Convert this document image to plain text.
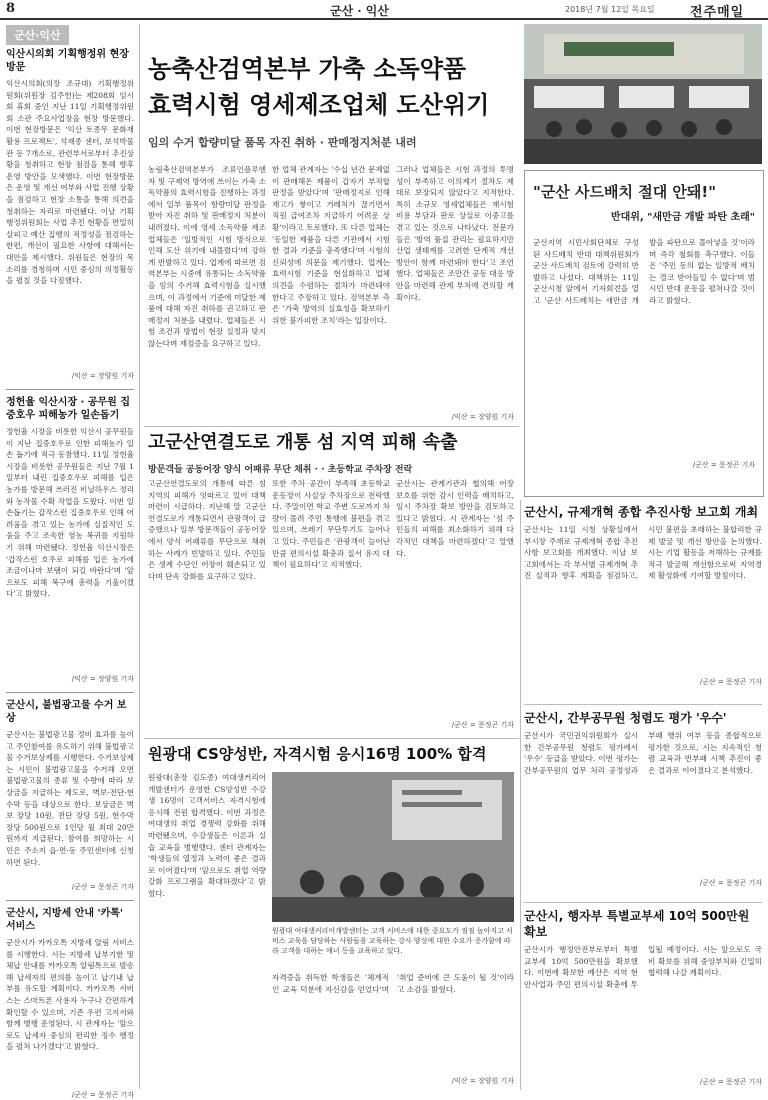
8	군산 · 익산	2018년 7월 12일 목요일	전주매일
군산·익산

익산시의회 기획행정위 현장방문

익산시의회(의장 조규대) 기획행정위원회(위원장 김주헌)는 제208회 임시회 휴회 중인 지난 11일 기획행정위원회 소관 주요사업장을 현장 방문했다. 이번 현장방문은 '익산 토종무 문화재 활용 프로젝트', 석재종 센터, 보석박물관 등 7개소로, 관련부서로부터 추진상황을 청취하고 현장 점검을 통해 향후 운영 방안을 모색했다. 이번 현장방문은 운영 및 개선 여부와 사업 진행 상황을 점검하고 현장 소통을 통해 의견을 청취하는 자리로 마련됐다. 이날 기획행정위원회는 사업 추진 현황을 면밀히 살피고 예산 집행의 적정성을 점검하는 한편, 개선이 필요한 사항에 대해서는 대안을 제시했다. 위원들은 현장의 목소리를 경청하며 시민 중심의 의정활동을 펼칠 것을 다짐했다.

/익산 = 장양원 기자

정헌율 익산시장 · 공무원 집중호우 피해농가 일손돕기

정헌율 시장을 비롯한 익산시 공무원들이 지난 집중호우로 인한 피해농가 일손 돕기에 적극 동참했다. 11일 정헌율 시장을 비롯한 공무원들은 지난 7월 1일부터 내린 집중호우로 피해를 입은 농가를 방문해 쓰러진 비닐하우스 정리와 농작물 수확 작업을 도왔다. 이번 일손돕기는 갑작스런 집중호우로 인해 어려움을 겪고 있는 농가에 실질적인 도움을 주고 조속한 영농 복귀를 지원하기 위해 마련됐다. 정헌율 익산시장은 '갑작스런 호우로 피해를 입은 농가에 조금이나마 보탬이 되길 바란다'며 '앞으로도 피해 복구에 총력을 기울이겠다'고 밝혔다.

/익산 = 장양원 기자

군산시, 불법광고물 수거 보상

군산시는 불법광고물 정비 효과를 높이고 주민참여를 유도하기 위해 불법광고물 수거보상제를 시행한다. 수거보상제는 시민이 불법광고물을 수거해 오면 불법광고물의 종류 및 수량에 따라 보상금을 지급하는 제도로, 벽보·전단·현수막 등을 대상으로 한다. 보상금은 벽보 장당 10원, 전단 장당 5원, 현수막 장당 500원으로 1인당 월 최대 20만원까지 지급된다. 참여를 희망하는 시민은 주소지 읍·면·동 주민센터에 신청하면 된다.

/군산 = 문정곤 기자

군산시, 지방세 안내 '카톡' 서비스

군산시가 카카오톡 지방세 알림 서비스를 시행한다. 시는 지방세 납부기한 및 체납 안내를 카카오톡 알림톡으로 발송해 납세자의 편의를 높이고 납기내 납부를 유도할 계획이다. 카카오톡 서비스는 스마트폰 사용자 누구나 간편하게 확인할 수 있으며, 기존 우편 고지서와 함께 병행 운영된다. 시 관계자는 '앞으로도 납세자 중심의 편리한 징수 행정을 펼쳐 나가겠다'고 밝혔다.

/군산 = 문정곤 기자
농축산검역본부 가축 소독약품
효력시험 영세제조업체 도산위기
임의 수거 합량미달 품목 자진 취하 · 판매정지처분 내려

농림축산검역본부가 조류인플루엔자 및 구제역 방역에 쓰이는 가축 소독약품의 효력시험을 진행하는 과정에서 일부 품목이 함량미달 판정을 받아 자진 취하 및 판매정지 처분이 내려졌다. 이에 영세 소독약품 제조업체들은 '일방적인 시험 방식으로 인해 도산 위기에 내몰렸다'며 강하게 반발하고 있다. 업계에 따르면 검역본부는 시중에 유통되는 소독약품을 임의 수거해 효력시험을 실시했으며, 이 과정에서 기준에 미달한 제품에 대해 자진 취하를 권고하고 판매정지 처분을 내렸다. 업체들은 시험 조건과 방법이 현장 실정과 맞지 않는다며 재검증을 요구하고 있다.

한 업체 관계자는 '수십 년간 문제없이 판매해온 제품이 갑자기 부적합 판정을 받았다'며 '판매정지로 인해 재고가 쌓이고 거래처가 끊기면서 직원 급여조차 지급하기 어려운 상황'이라고 토로했다. 또 다른 업체는 '동일한 제품을 다른 기관에서 시험한 결과 기준을 충족했다'며 시험의 신뢰성에 의문을 제기했다. 업계는 효력시험 기준을 현실화하고 업체 의견을 수렴하는 절차가 마련돼야 한다고 주장하고 있다. 검역본부 측은 '가축 방역의 실효성을 확보하기 위한 불가피한 조치'라는 입장이다.

그러나 업체들은 시험 과정의 투명성이 부족하고 이의제기 절차도 제대로 보장되지 않았다고 지적한다. 특히 소규모 영세업체들은 재시험 비용 부담과 판로 상실로 이중고를 겪고 있는 것으로 나타났다. 전문가들은 '방역 품질 관리는 필요하지만 산업 생태계를 고려한 단계적 개선 방안이 함께 마련돼야 한다'고 조언했다. 업체들은 조만간 공동 대응 방안을 마련해 관계 부처에 건의할 계획이다.

/익산 = 장양원 기자
"군산 사드배치 절대 안돼!"
반대위, "새만금 개발 파탄 초래"

군산지역 시민사회단체로 구성된 사드배치 반대 대책위원회가 군산 사드배치 검토에 강력히 반발하고 나섰다. 대책위는 11일 군산시청 앞에서 기자회견을 열고 '군산 사드배치는 새만금 개발을 파탄으로 몰아넣을 것'이라며 즉각 철회를 촉구했다. 이들은 '주민 동의 없는 일방적 배치는 결코 받아들일 수 없다'며 범시민 반대 운동을 펼쳐나갈 것이라고 밝혔다.

/군산 = 문정곤 기자
고군산연결도로 개통 섬 지역 피해 속출
방문객들 공동어장 양식 어패류 무단 채취 · · 초등학교 주차장 전락

고군산연결도로의 개통에 따른 섬 지역의 피해가 잇따르고 있어 대책 마련이 시급하다. 지난해 말 고군산연결도로가 개통되면서 관광객이 급증했으나 일부 방문객들이 공동어장에서 양식 어패류를 무단으로 채취하는 사례가 빈발하고 있다. 주민들은 생계 수단인 어장이 훼손되고 있다며 단속 강화를 요구하고 있다.

또한 주차 공간이 부족해 초등학교 운동장이 사실상 주차장으로 전락했다. 주말이면 학교 주변 도로까지 차량이 몰려 주민 통행에 불편을 겪고 있으며, 쓰레기 무단투기도 늘어나고 있다. 주민들은 '관광객이 늘어난 만큼 편의시설 확충과 질서 유지 대책이 필요하다'고 지적했다.

군산시는 관계기관과 협의해 어장 보호를 위한 감시 인력을 배치하고, 임시 주차장 확보 방안을 검토하고 있다고 밝혔다. 시 관계자는 '섬 주민들의 피해를 최소화하기 위해 다각적인 대책을 마련하겠다'고 말했다.

/군산 = 문정곤 기자
원광대 CS양성반, 자격시험 응시16명 100% 합격

원광대(총장 김도종) 여대생커리어개발센터가 운영한 CS양성반 수강생 16명이 고객서비스 자격시험에 응시해 전원 합격했다. 이번 과정은 여대생의 취업 경쟁력 강화를 위해 마련됐으며, 수강생들은 이론과 실습 교육을 병행했다. 센터 관계자는 '학생들의 열정과 노력이 좋은 결과로 이어졌다'며 '앞으로도 취업 역량 강화 프로그램을 확대하겠다'고 밝혔다.

원광대 여대생커리어개발센터는 고객 서비스에 대한 중요도가 점점 높아지고 서비스 교육을 담당하는 사람들을 교육하는 강사 양성에 대한 수요가 증가함에 따라 고객을 대하는 매너 등을 교육하고 있다.

자격증을 취득한 학생들은 '체계적인 교육 덕분에 자신감을 얻었다'며 '취업 준비에 큰 도움이 될 것'이라고 소감을 밝혔다.

/익산 = 장양원 기자

군산시, 규제개혁 종합 추진사항 보고회 개최

군산시는 11일 시청 상황실에서 부시장 주재로 규제개혁 종합 추진사항 보고회를 개최했다. 이날 보고회에서는 각 부서별 규제개혁 추진 실적과 향후 계획을 점검하고, 시민 불편을 초래하는 불합리한 규제 발굴 및 개선 방안을 논의했다. 시는 기업 활동을 저해하는 규제를 적극 발굴해 개선함으로써 지역경제 활성화에 기여할 방침이다.

/군산 = 문정곤 기자

군산시, 간부공무원 청렴도 평가 '우수'

군산시가 국민권익위원회가 실시한 간부공무원 청렴도 평가에서 '우수' 등급을 받았다. 이번 평가는 간부공무원의 업무 처리 공정성과 부패 행위 여부 등을 종합적으로 평가한 것으로, 시는 지속적인 청렴 교육과 반부패 시책 추진이 좋은 결과로 이어졌다고 분석했다.

/군산 = 문정곤 기자

군산시, 행자부 특별교부세 10억 500만원 확보

군산시가 행정안전부로부터 특별교부세 10억 500만원을 확보했다. 이번에 확보한 예산은 지역 현안사업과 주민 편의시설 확충에 투입될 예정이다. 시는 앞으로도 국비 확보를 위해 중앙부처와 긴밀히 협력해 나갈 계획이다.

/군산 = 문정곤 기자
